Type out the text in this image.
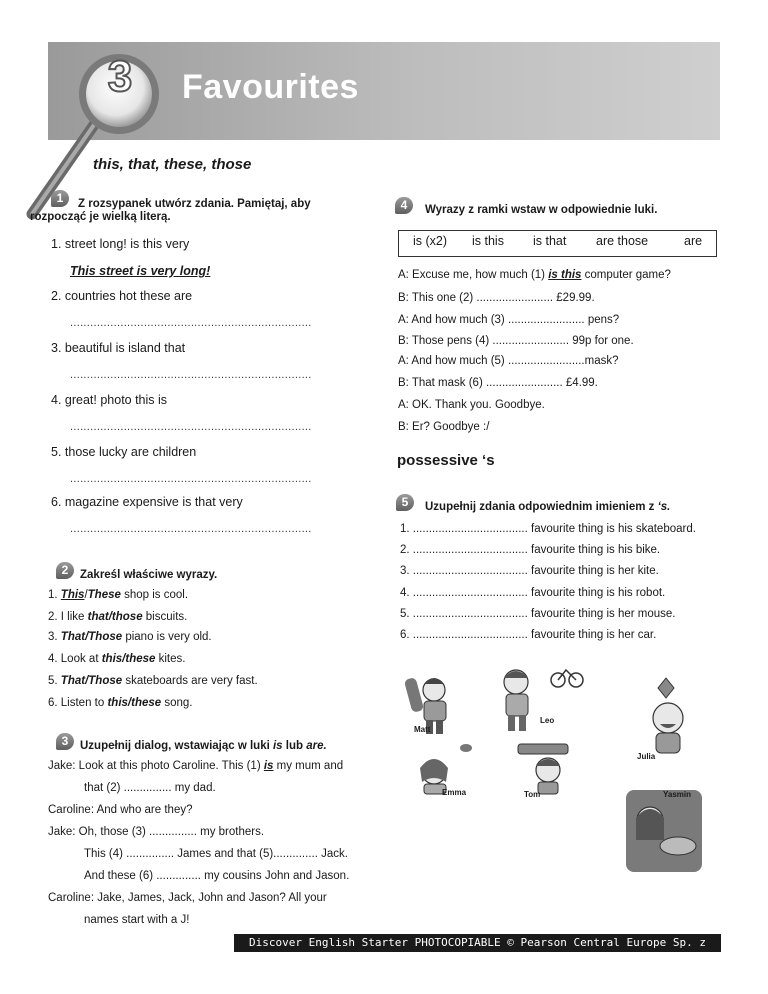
3	Favourites
this, that, these, those
1	Z rozsypanek utwórz zdania. Pamiętaj, aby
rozpocząć je wielką literą.
1. street long! is this very
This street is very long!
2. countries hot these are
........................................................................
3. beautiful is island that
........................................................................
4. great! photo this is
........................................................................
5. those lucky are children
........................................................................
6. magazine expensive is that very
........................................................................
2	Zakreśl właściwe wyrazy.
1. This/These shop is cool.
2. I like that/those biscuits.
3. That/Those piano is very old.
4. Look at this/these kites.
5. That/Those skateboards are very fast.
6. Listen to this/these song.
3	Uzupełnij dialog, wstawiając w luki is lub are.
Jake: Look at this photo Caroline. This (1) is my mum and
that (2) ............... my dad.
Caroline: And who are they?
Jake: Oh, those (3) ............... my brothers.
This (4) ............... James and that (5).............. Jack.
And these (6) .............. my cousins John and Jason.
Caroline: Jake, James, Jack, John and Jason? All your
names start with a J!
4	Wyrazy z ramki wstaw w odpowiednie luki.
is (x2) is this is that are those	are
A: Excuse me, how much (1) is this computer game?
B: This one (2) ........................ £29.99.
A: And how much (3) ........................ pens?
B: Those pens (4) ........................ 99p for one.
A: And how much (5) ........................mask?
B: That mask (6) ........................ £4.99.
A: OK. Thank you. Goodbye.
B: Er? Goodbye :/
possessive ‘s
5	Uzupełnij zdania odpowiednim imieniem z ‘s.
1. .................................... favourite thing is his skateboard.
2. .................................... favourite thing is his bike.
3. .................................... favourite thing is her kite.
4. .................................... favourite thing is his robot.
5. .................................... favourite thing is her mouse.
6. .................................... favourite thing is her car.
Matt
Leo
Julia
Emma	Tom	Yasmin
Discover English Starter PHOTOCOPIABLE © Pearson Central Europe Sp. z o.o.
